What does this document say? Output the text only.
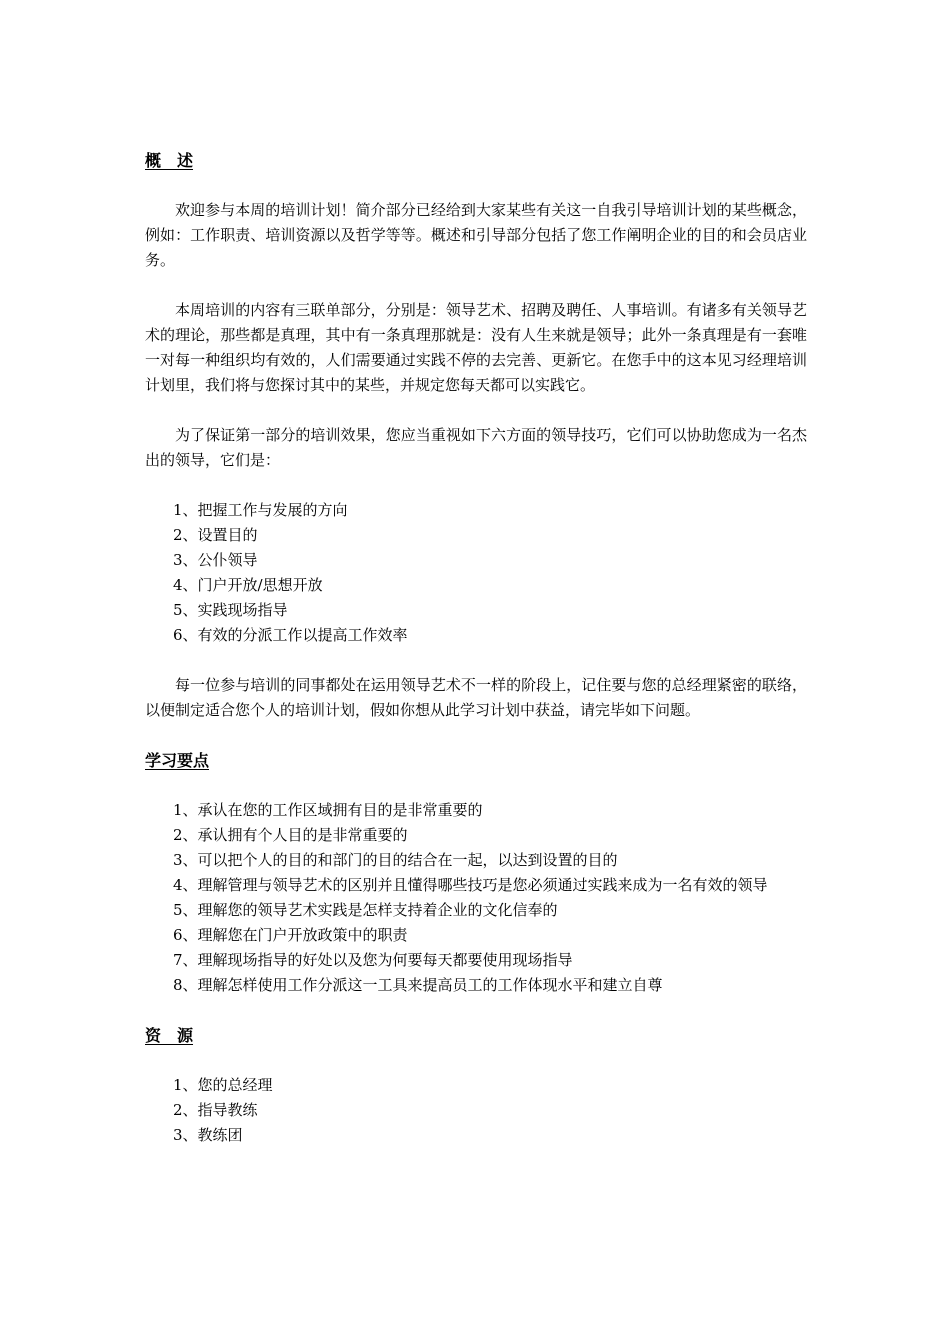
概　述

欢迎参与本周的培训计划！简介部分已经给到大家某些有关这一自我引导培训计划的某些概念，例如：工作职责、培训资源以及哲学等等。概述和引导部分包括了您工作阐明企业的目的和会员店业务。

本周培训的内容有三联单部分，分别是：领导艺术、招聘及聘任、人事培训。有诸多有关领导艺术的理论，那些都是真理，其中有一条真理那就是：没有人生来就是领导；此外一条真理是有一套唯一对每一种组织均有效的，人们需要通过实践不停的去完善、更新它。在您手中的这本见习经理培训计划里，我们将与您探讨其中的某些，并规定您每天都可以实践它。

为了保证第一部分的培训效果，您应当重视如下六方面的领导技巧，它们可以协助您成为一名杰出的领导，它们是：

1、把握工作与发展的方向
2、设置目的
3、公仆领导
4、门户开放/思想开放
5、实践现场指导
6、有效的分派工作以提高工作效率

每一位参与培训的同事都处在运用领导艺术不一样的阶段上，记住要与您的总经理紧密的联络，以便制定适合您个人的培训计划，假如你想从此学习计划中获益，请完毕如下问题。

学习要点
1、承认在您的工作区域拥有目的是非常重要的
2、承认拥有个人目的是非常重要的
3、可以把个人的目的和部门的目的结合在一起，以达到设置的目的
4、理解管理与领导艺术的区别并且懂得哪些技巧是您必须通过实践来成为一名有效的领导
5、理解您的领导艺术实践是怎样支持着企业的文化信奉的
6、理解您在门户开放政策中的职责
7、理解现场指导的好处以及您为何要每天都要使用现场指导
8、理解怎样使用工作分派这一工具来提高员工的工作体现水平和建立自尊
资　源
1、您的总经理
2、指导教练
3、教练团
